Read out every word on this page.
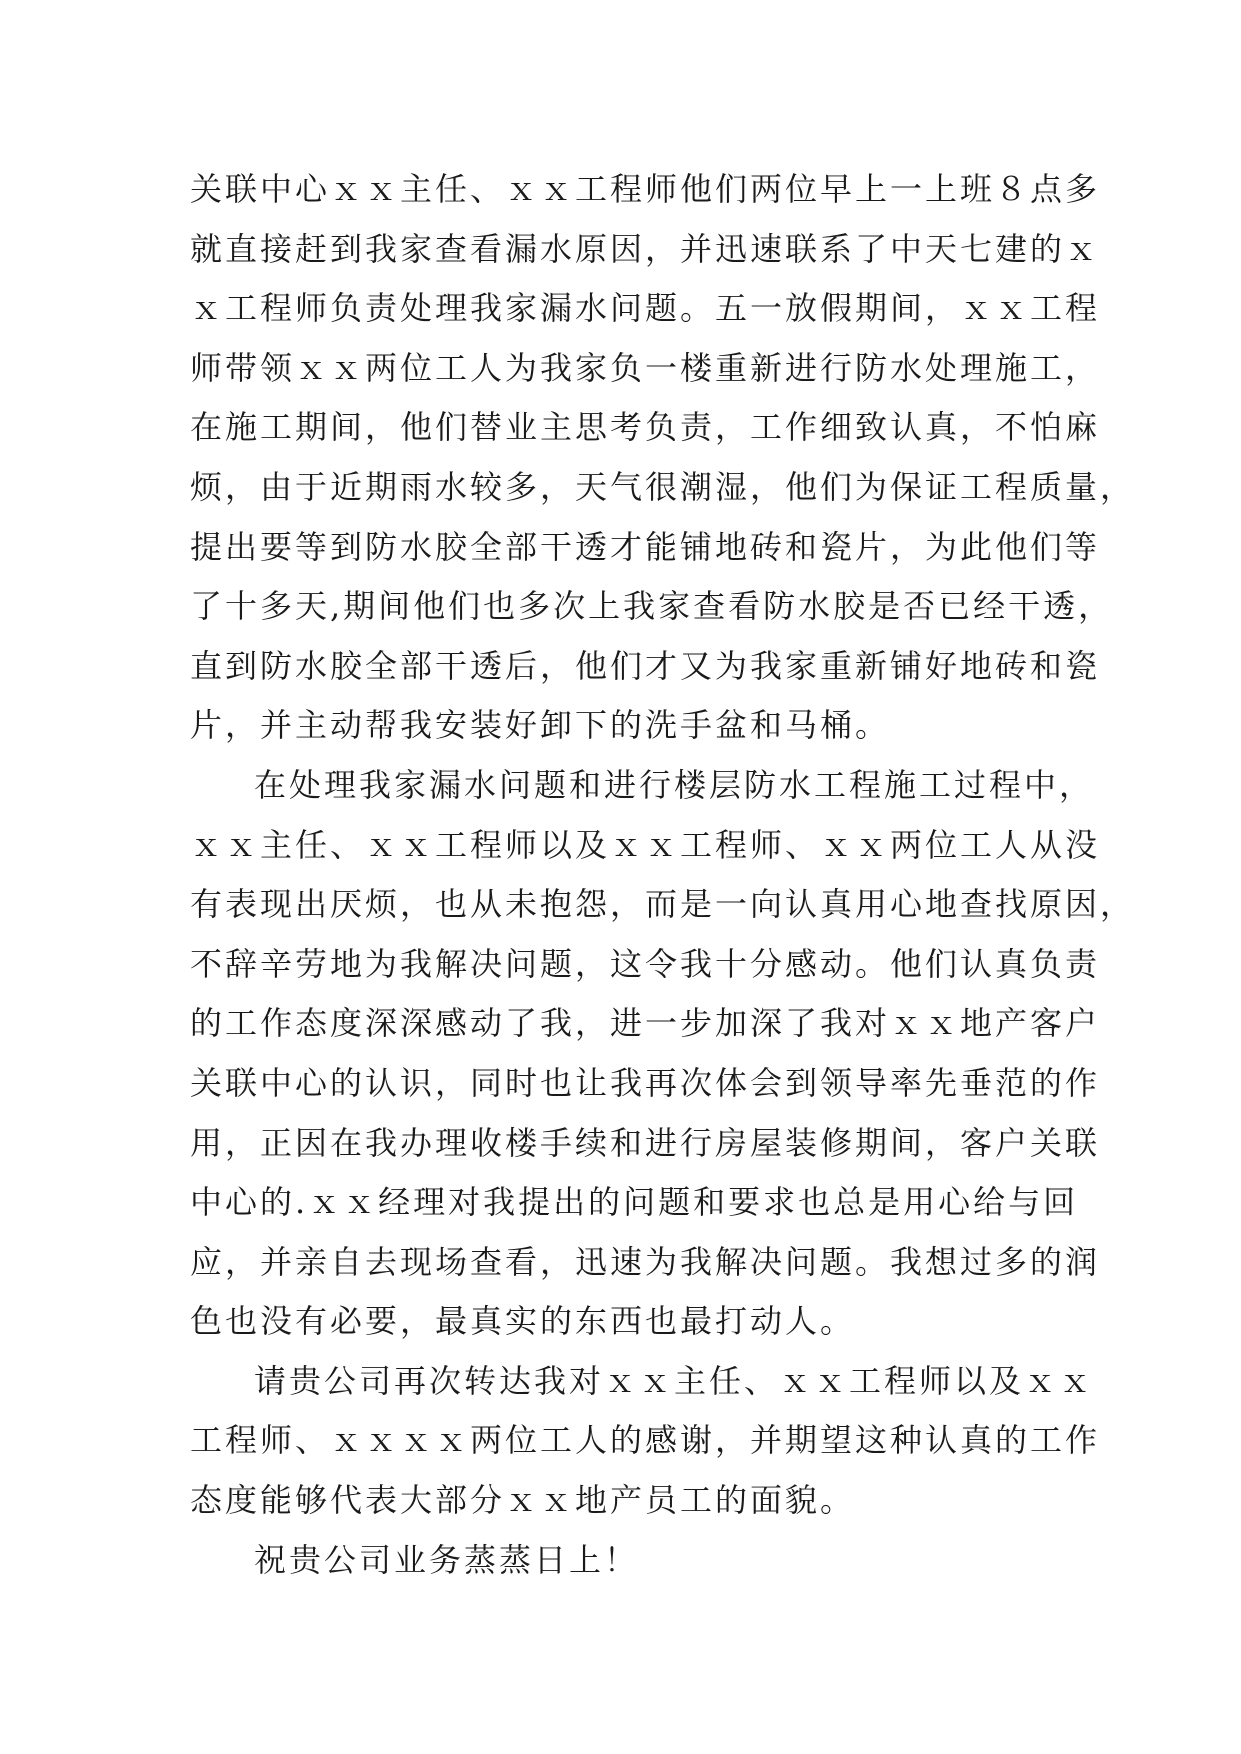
关联中心ｘｘ主任、ｘｘ工程师他们两位早上一上班８点多
就直接赶到我家查看漏水原因，并迅速联系了中天七建的ｘ
ｘ工程师负责处理我家漏水问题。五一放假期间，ｘｘ工程
师带领ｘｘ两位工人为我家负一楼重新进行防水处理施工，
在施工期间，他们替业主思考负责，工作细致认真，不怕麻
烦，由于近期雨水较多，天气很潮湿，他们为保证工程质量，
提出要等到防水胶全部干透才能铺地砖和瓷片，为此他们等
了十多天,期间他们也多次上我家查看防水胶是否已经干透，
直到防水胶全部干透后，他们才又为我家重新铺好地砖和瓷
片，并主动帮我安装好卸下的洗手盆和马桶。
在处理我家漏水问题和进行楼层防水工程施工过程中，
ｘｘ主任、ｘｘ工程师以及ｘｘ工程师、ｘｘ两位工人从没
有表现出厌烦，也从未抱怨，而是一向认真用心地查找原因，
不辞辛劳地为我解决问题，这令我十分感动。他们认真负责
的工作态度深深感动了我，进一步加深了我对ｘｘ地产客户
关联中心的认识，同时也让我再次体会到领导率先垂范的作
用，正因在我办理收楼手续和进行房屋装修期间，客户关联
中心的.ｘｘ经理对我提出的问题和要求也总是用心给与回
应，并亲自去现场查看，迅速为我解决问题。我想过多的润
色也没有必要，最真实的东西也最打动人。
请贵公司再次转达我对ｘｘ主任、ｘｘ工程师以及ｘｘ
工程师、ｘｘｘｘ两位工人的感谢，并期望这种认真的工作
态度能够代表大部分ｘｘ地产员工的面貌。
祝贵公司业务蒸蒸日上！
